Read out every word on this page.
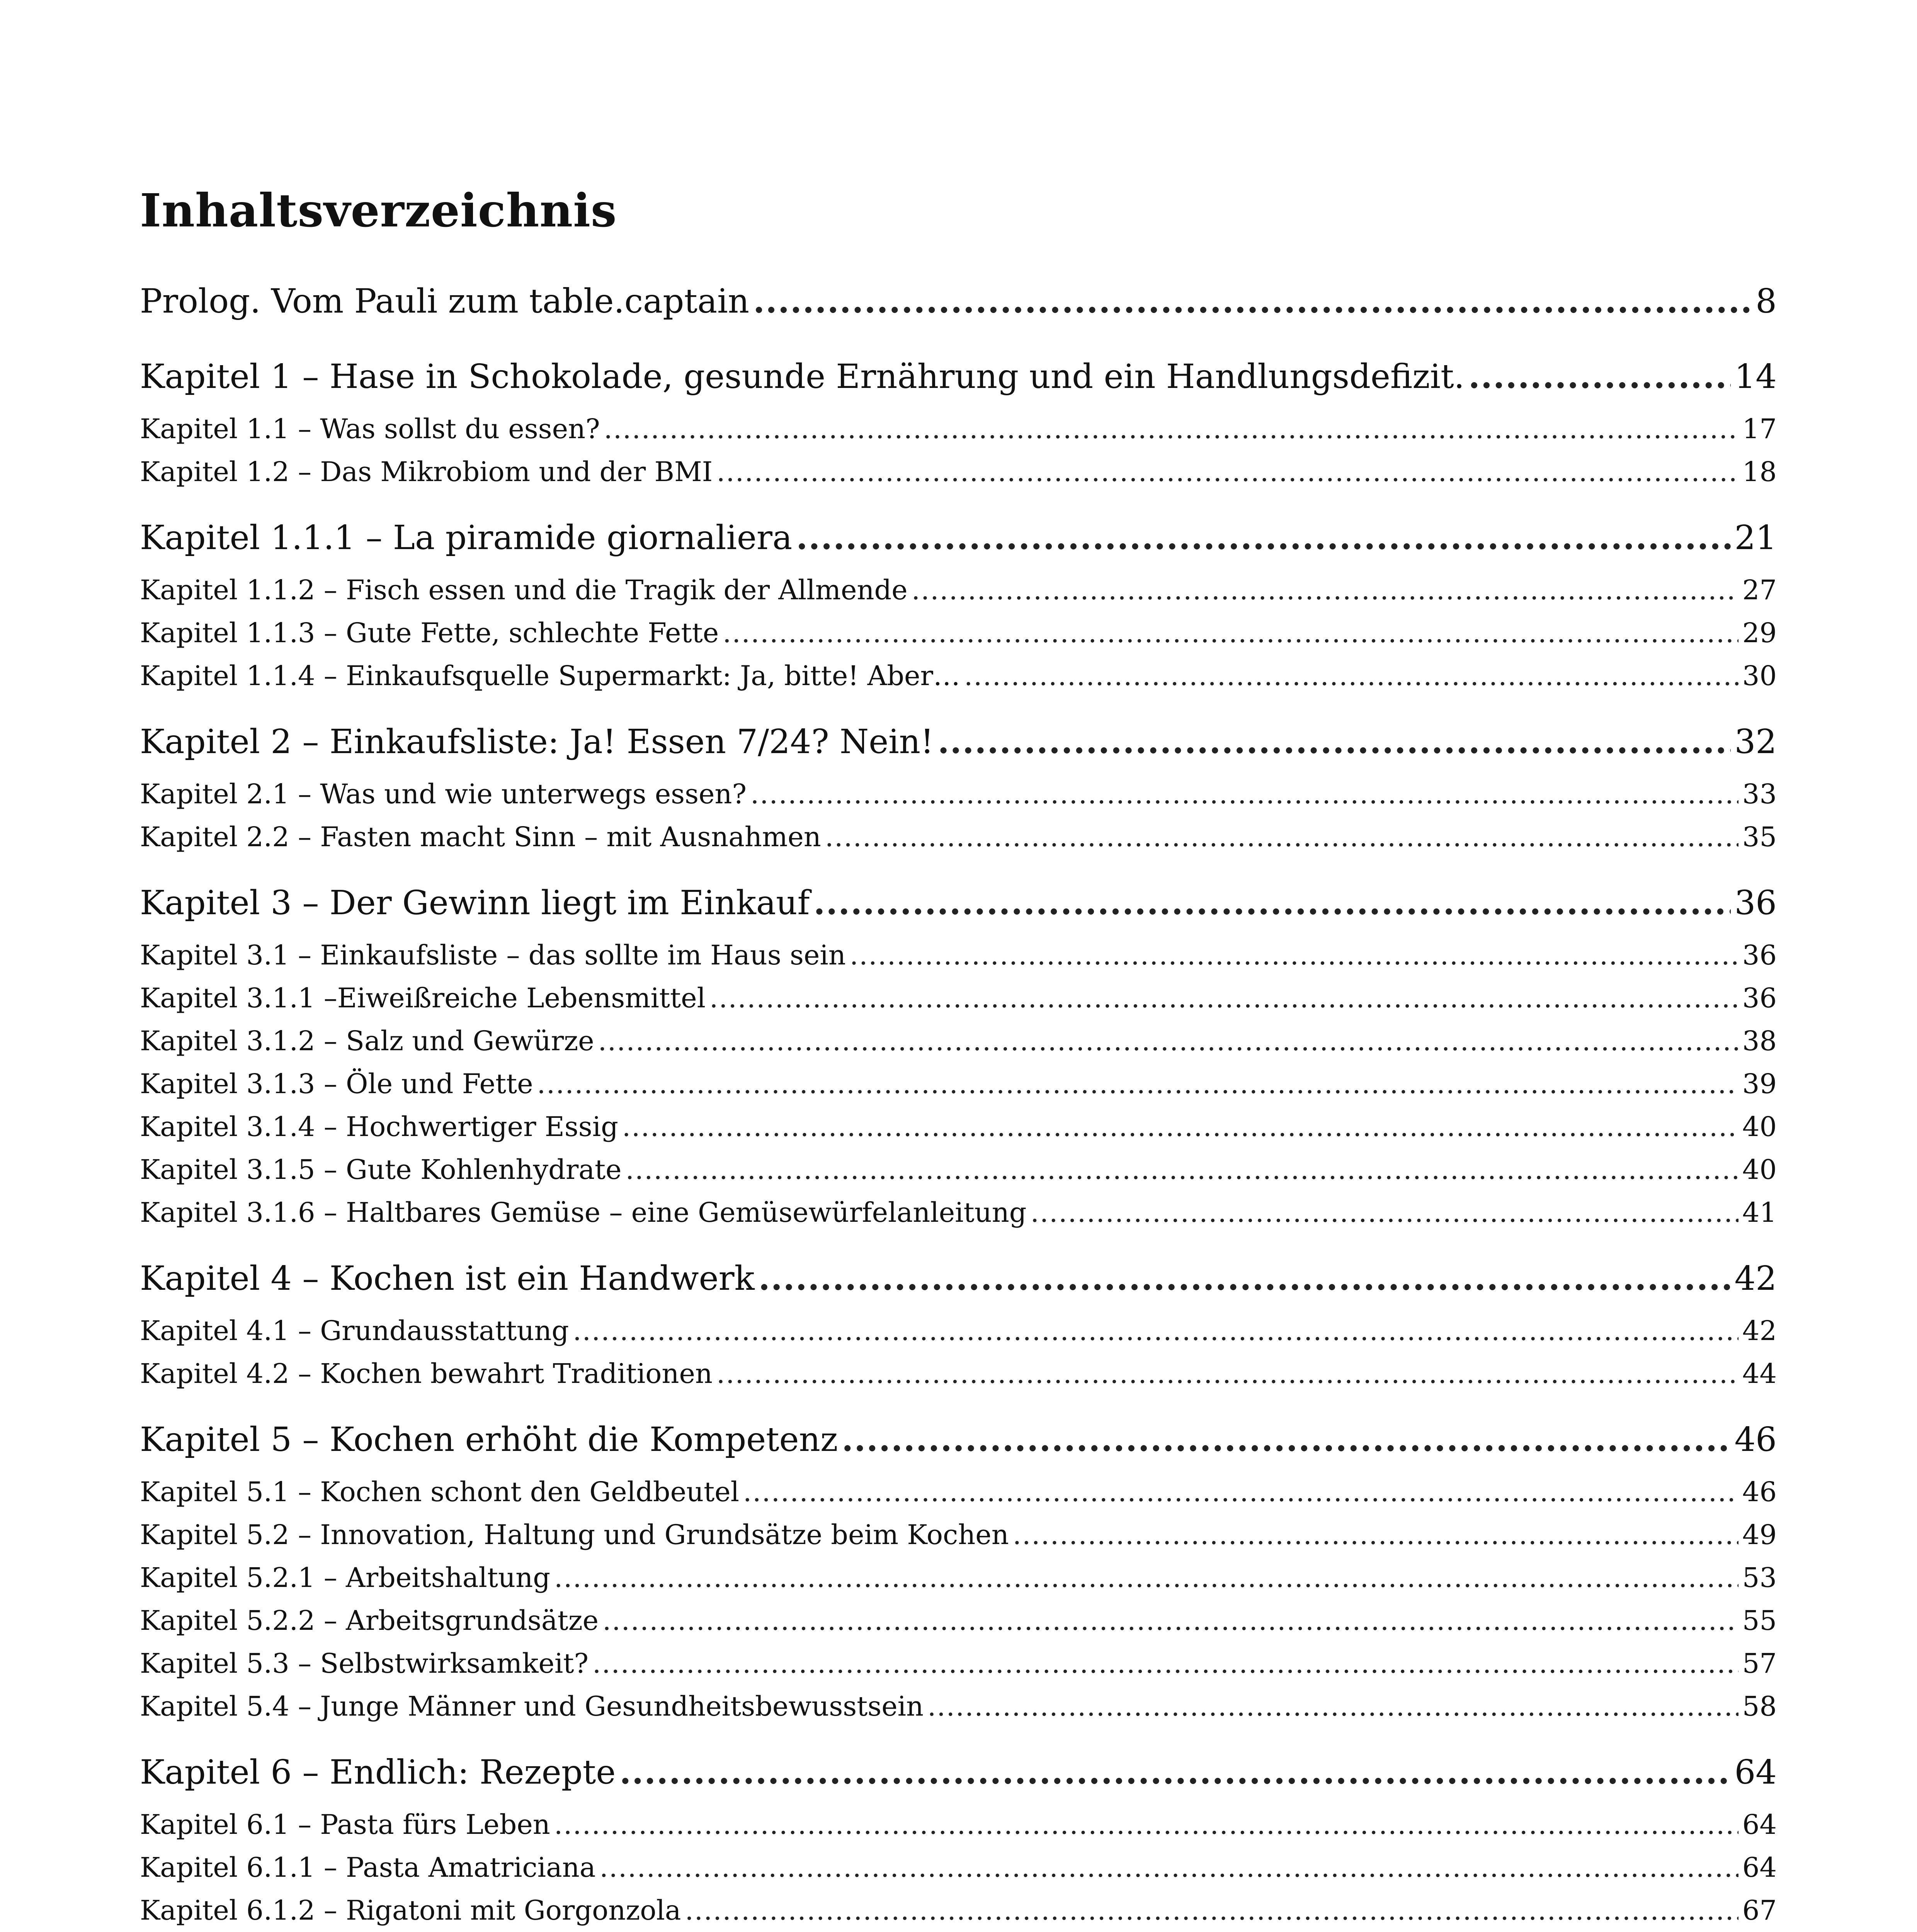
Inhaltsverzeichnis
Prolog. Vom Pauli zum table.captain .....	8
Kapitel 1 – Hase in Schokolade, gesunde Ernährung und ein Handlungsdefizit. .....	14
Kapitel 1.1 – Was sollst du essen? .....	17
Kapitel 1.2 – Das Mikrobiom und der BMI .....	18
Kapitel 1.1.1 – La piramide giornaliera .....	21
Kapitel 1.1.2 – Fisch essen und die Tragik der Allmende .....	27
Kapitel 1.1.3 – Gute Fette, schlechte Fette .....	29
Kapitel 1.1.4 – Einkaufsquelle Supermarkt: Ja, bitte! Aber… .....	30
Kapitel 2 – Einkaufsliste: Ja! Essen 7/24? Nein! .....	32
Kapitel 2.1 – Was und wie unterwegs essen? .....	33
Kapitel 2.2 – Fasten macht Sinn – mit Ausnahmen .....	35
Kapitel 3 – Der Gewinn liegt im Einkauf .....	36
Kapitel 3.1 – Einkaufsliste – das sollte im Haus sein .....	36
Kapitel 3.1.1 –Eiweißreiche Lebensmittel .....	36
Kapitel 3.1.2 – Salz und Gewürze .....	38
Kapitel 3.1.3 – Öle und Fette .....	39
Kapitel 3.1.4 – Hochwertiger Essig .....	40
Kapitel 3.1.5 – Gute Kohlenhydrate .....	40
Kapitel 3.1.6 – Haltbares Gemüse – eine Gemüsewürfelanleitung .....	41
Kapitel 4 – Kochen ist ein Handwerk .....	42
Kapitel 4.1 – Grundausstattung .....	42
Kapitel 4.2 – Kochen bewahrt Traditionen .....	44
Kapitel 5 – Kochen erhöht die Kompetenz .....	46
Kapitel 5.1 – Kochen schont den Geldbeutel .....	46
Kapitel 5.2 – Innovation, Haltung und Grundsätze beim Kochen .....	49
Kapitel 5.2.1 – Arbeitshaltung .....	53
Kapitel 5.2.2 – Arbeitsgrundsätze .....	55
Kapitel 5.3 – Selbstwirksamkeit? .....	57
Kapitel 5.4 – Junge Männer und Gesundheitsbewusstsein .....	58
Kapitel 6 – Endlich: Rezepte .....	64
Kapitel 6.1 – Pasta fürs Leben .....	64
Kapitel 6.1.1 – Pasta Amatriciana .....	64
Kapitel 6.1.2 – Rigatoni mit Gorgonzola .....	67
